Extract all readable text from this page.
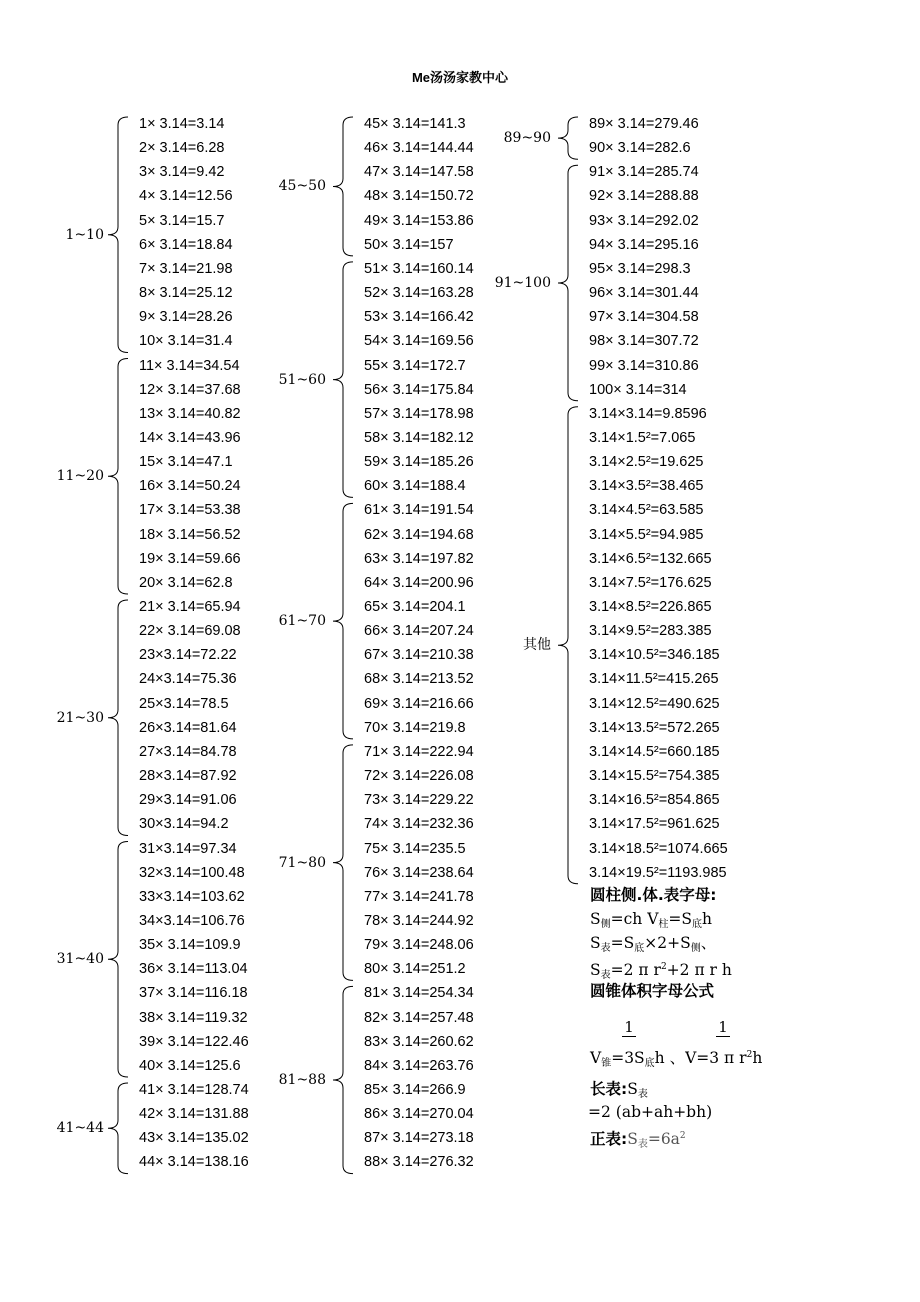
Me汤汤家教中心
1× 3.14=3.14
2× 3.14=6.28
3× 3.14=9.42
4× 3.14=12.56
5× 3.14=15.7
6× 3.14=18.84
7× 3.14=21.98
8× 3.14=25.12
9× 3.14=28.26
10× 3.14=31.4
1~10
11× 3.14=34.54
12× 3.14=37.68
13× 3.14=40.82
14× 3.14=43.96
15× 3.14=47.1
16× 3.14=50.24
17× 3.14=53.38
18× 3.14=56.52
19× 3.14=59.66
20× 3.14=62.8
11~20
21× 3.14=65.94
22× 3.14=69.08
23×3.14=72.22
24×3.14=75.36
25×3.14=78.5
26×3.14=81.64
27×3.14=84.78
28×3.14=87.92
29×3.14=91.06
30×3.14=94.2
21~30
31×3.14=97.34
32×3.14=100.48
33×3.14=103.62
34×3.14=106.76
35× 3.14=109.9
36× 3.14=113.04
37× 3.14=116.18
38× 3.14=119.32
39× 3.14=122.46
40× 3.14=125.6
31~40
41× 3.14=128.74
42× 3.14=131.88
43× 3.14=135.02
44× 3.14=138.16
41~44
45× 3.14=141.3
46× 3.14=144.44
47× 3.14=147.58
48× 3.14=150.72
49× 3.14=153.86
50× 3.14=157
45~50
51× 3.14=160.14
52× 3.14=163.28
53× 3.14=166.42
54× 3.14=169.56
55× 3.14=172.7
56× 3.14=175.84
57× 3.14=178.98
58× 3.14=182.12
59× 3.14=185.26
60× 3.14=188.4
51~60
61× 3.14=191.54
62× 3.14=194.68
63× 3.14=197.82
64× 3.14=200.96
65× 3.14=204.1
66× 3.14=207.24
67× 3.14=210.38
68× 3.14=213.52
69× 3.14=216.66
70× 3.14=219.8
61~70
71× 3.14=222.94
72× 3.14=226.08
73× 3.14=229.22
74× 3.14=232.36
75× 3.14=235.5
76× 3.14=238.64
77× 3.14=241.78
78× 3.14=244.92
79× 3.14=248.06
80× 3.14=251.2
71~80
81× 3.14=254.34
82× 3.14=257.48
83× 3.14=260.62
84× 3.14=263.76
85× 3.14=266.9
86× 3.14=270.04
87× 3.14=273.18
88× 3.14=276.32
81~88
89× 3.14=279.46
90× 3.14=282.6
89~90
91× 3.14=285.74
92× 3.14=288.88
93× 3.14=292.02
94× 3.14=295.16
95× 3.14=298.3
96× 3.14=301.44
97× 3.14=304.58
98× 3.14=307.72
99× 3.14=310.86
100× 3.14=314
91~100
3.14×3.14=9.8596
3.14×1.5²=7.065
3.14×2.5²=19.625
3.14×3.5²=38.465
3.14×4.5²=63.585
3.14×5.5²=94.985
3.14×6.5²=132.665
3.14×7.5²=176.625
3.14×8.5²=226.865
3.14×9.5²=283.385
3.14×10.5²=346.185
3.14×11.5²=415.265
3.14×12.5²=490.625
3.14×13.5²=572.265
3.14×14.5²=660.185
3.14×15.5²=754.385
3.14×16.5²=854.865
3.14×17.5²=961.625
3.14×18.5²=1074.665
3.14×19.5²=1193.985
其他
圆柱侧.体.表字母:
$S_侧=ch$ $V_柱=S_底h$
$S_表=S_底\times 2+S_侧$、
$S_表=2$ π $r^2+2$ π r h
圆锥体积字母公式
1	1
$V_锥=3S_底h$ 、V=3 π $r^2h$
长表$:S_表$
=2 (ab+ah+bh)
正表$:S_表=6a^2$
